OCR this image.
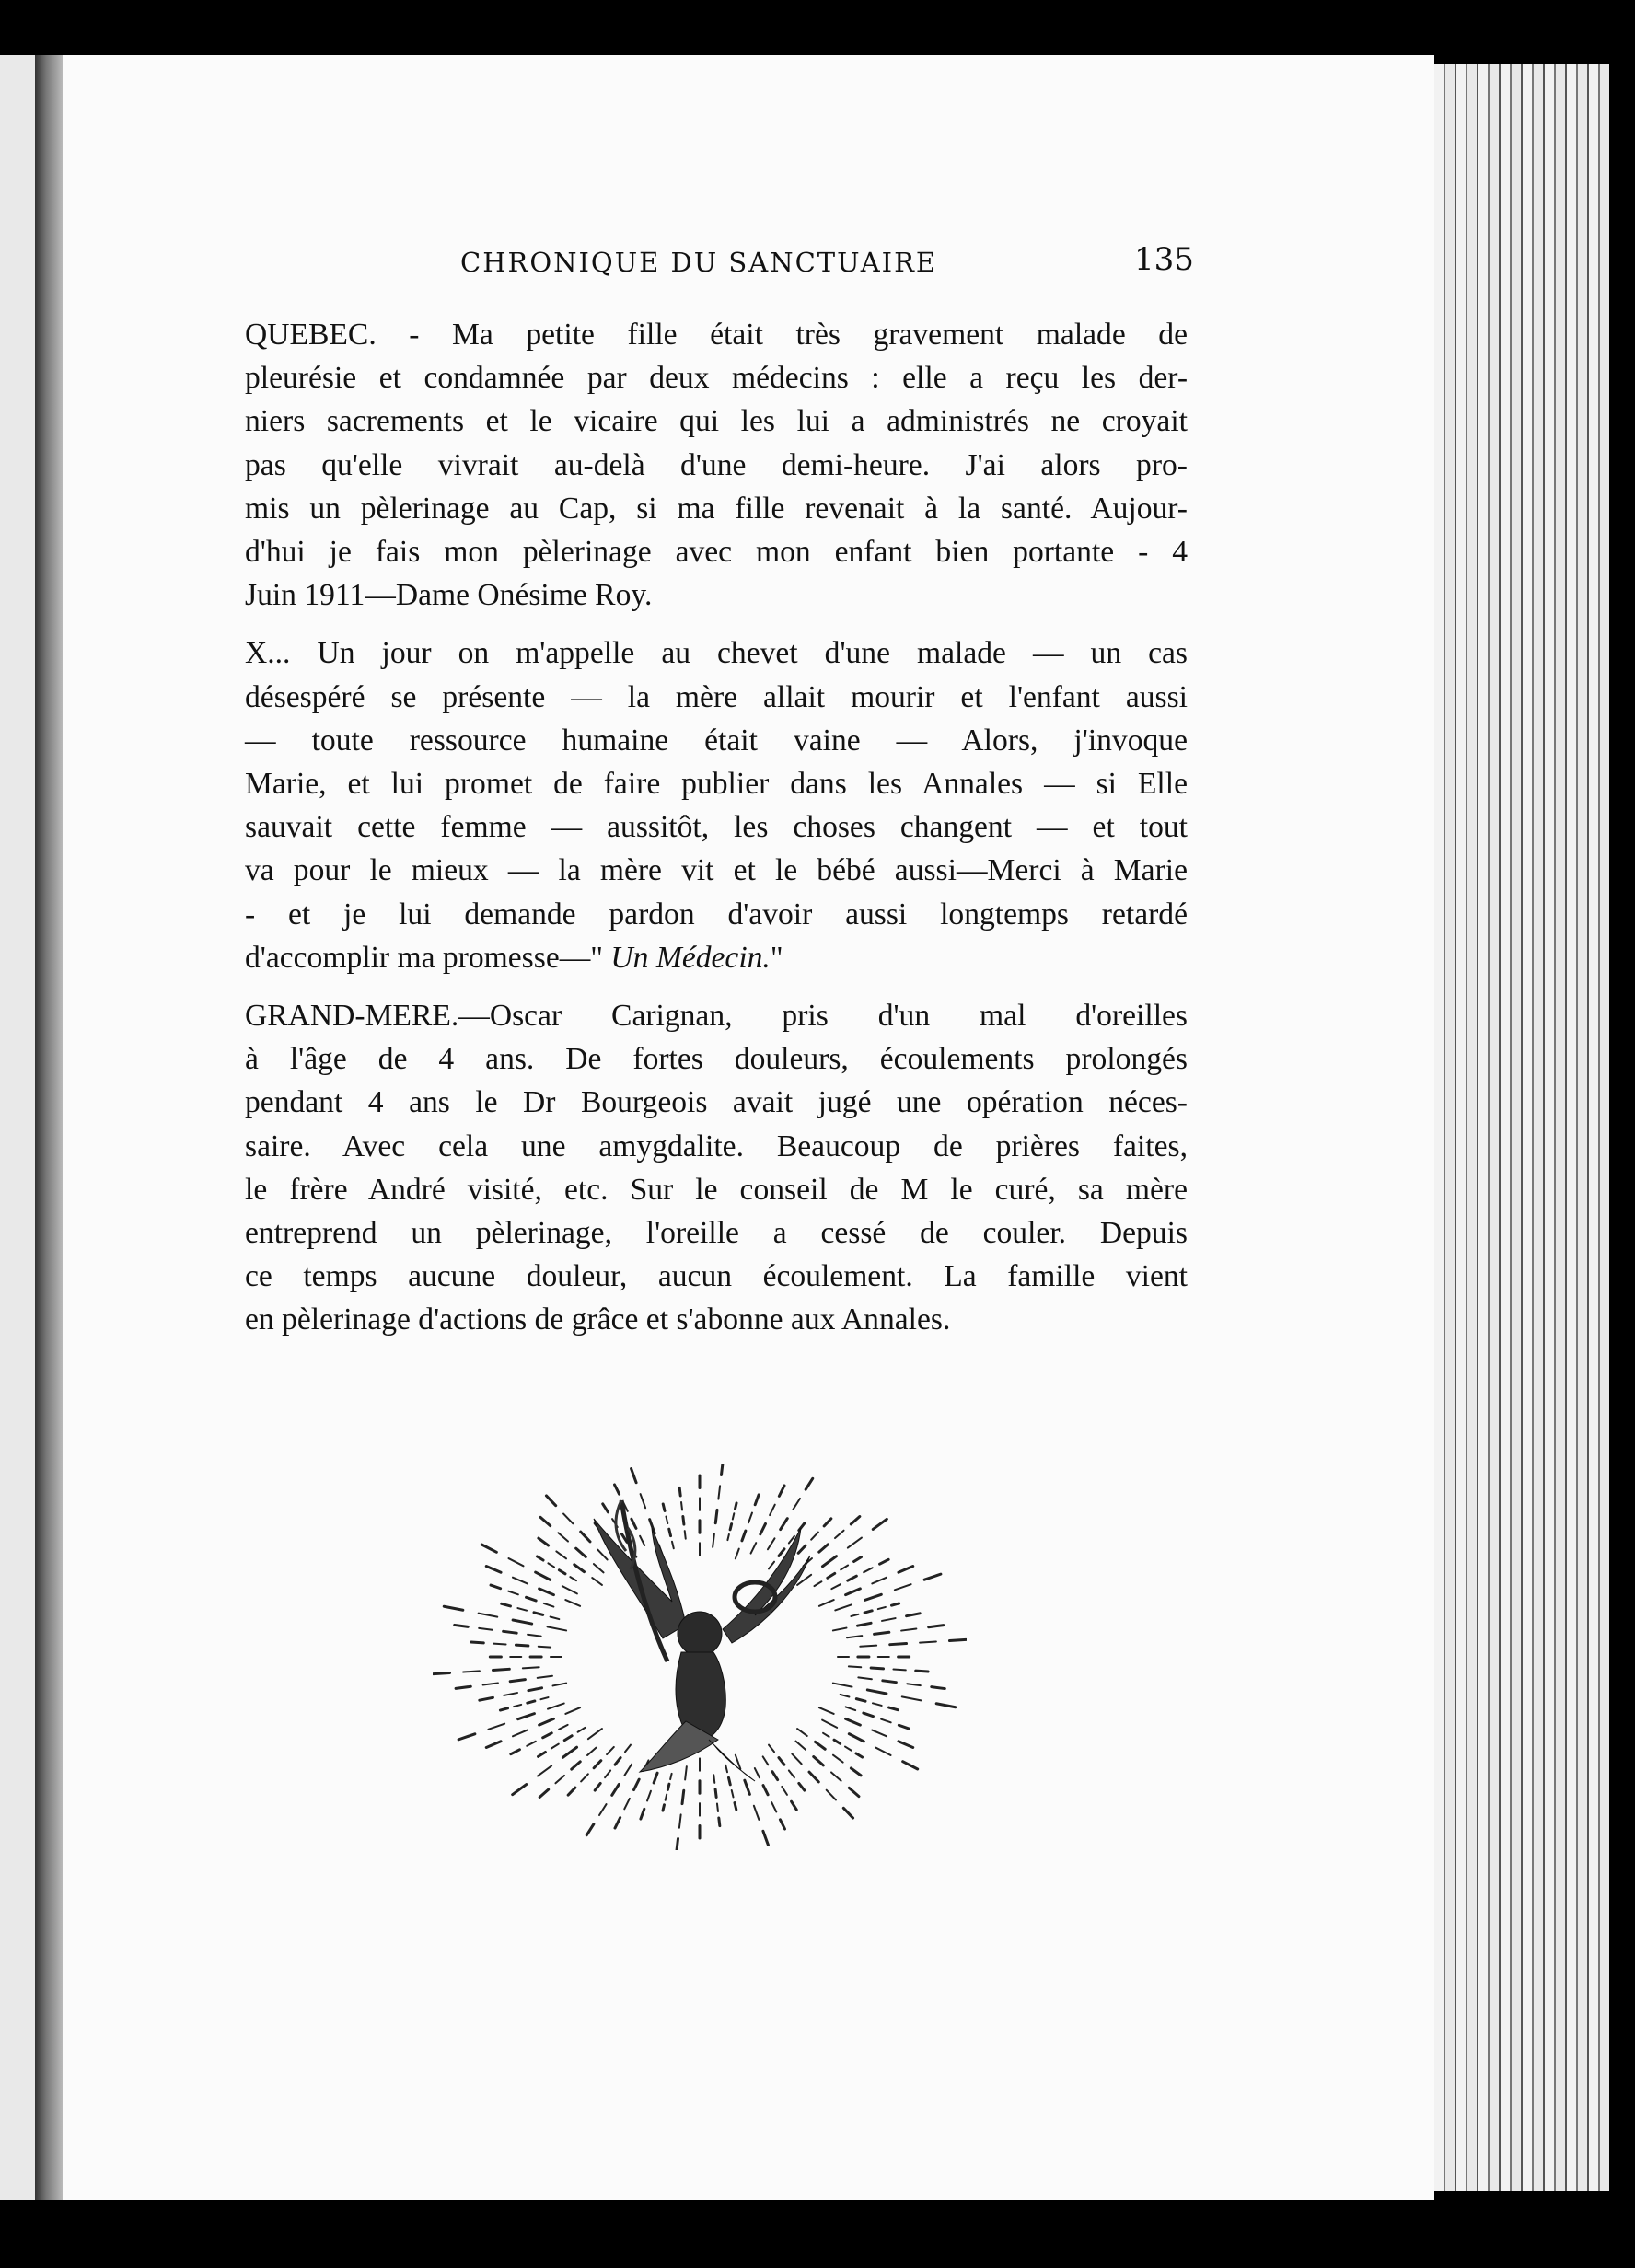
CHRONIQUE DU SANCTUAIRE	135

QUEBEC. - Ma petite fille était très gravement malade de
pleurésie et condamnée par deux médecins : elle a reçu les der-
niers sacrements et le vicaire qui les lui a administrés ne croyait
pas qu'elle vivrait au-delà d'une demi-heure. J'ai alors pro-
mis un pèlerinage au Cap, si ma fille revenait à la santé. Aujour-
d'hui je fais mon pèlerinage avec mon enfant bien portante - 4
Juin 1911—Dame Onésime Roy.

X... Un jour on m'appelle au chevet d'une malade — un cas
désespéré se présente — la mère allait mourir et l'enfant aussi
— toute ressource humaine était vaine — Alors, j'invoque
Marie, et lui promet de faire publier dans les Annales — si Elle
sauvait cette femme — aussitôt, les choses changent — et tout
va pour le mieux — la mère vit et le bébé aussi—Merci à Marie
- et je lui demande pardon d'avoir aussi longtemps retardé
d'accomplir ma promesse—" Un Médecin."

GRAND-MERE.—Oscar Carignan, pris d'un mal d'oreilles
à l'âge de 4 ans. De fortes douleurs, écoulements prolongés
pendant 4 ans le Dr Bourgeois avait jugé une opération néces-
saire. Avec cela une amygdalite. Beaucoup de prières faites,
le frère André visité, etc. Sur le conseil de M le curé, sa mère
entreprend un pèlerinage, l'oreille a cessé de couler. Depuis
ce temps aucune douleur, aucun écoulement. La famille vient
en pèlerinage d'actions de grâce et s'abonne aux Annales.
